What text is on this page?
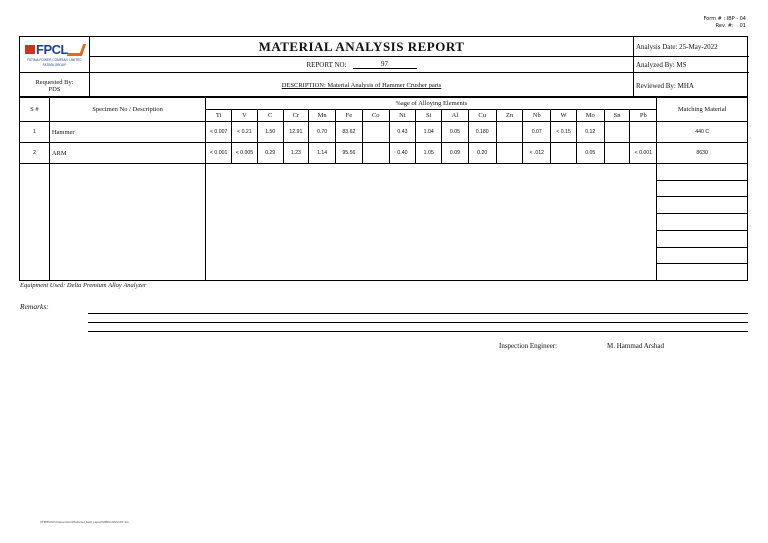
Form # : IBP - 04
Rev. #: 01
FPCL
FATIMA POWER COMPANY LIMITED
FATIMA GROUP
MATERIAL ANALYSIS REPORT	Analysis Date: 25-May-2022
REPORT NO:	97	Analyzed By: MS
Requested By:
PDS	DESCRIPTION: Material Analysis of Hammer Crusher parts	Reviewed By: MHA
S #	Specimen No / Description	%age of Alloying Elements																	Matching Material
		Ti	V	C	Cr	Mn	Fe	Co	Ni	Si	Al	Cu	Zn	Nb	W	Mo	Sn	Pb	
1	Hammer	< 0.007	< 0.21	1.50	12.91	0.70	83.62		0.43	1.04	0.05	0.180		0.07	< 0.15	0.12			440 C
2	ARM	< 0.001	< 0.005	0.29	1.23	1.14	95.56		0.40	1.05	0.09	0.20		< .012		0.05		< 0.001	8630

Equipment Used: Delta Premium Alloy Analyzer
Remarks:
Inspection Engineer:	M. Hammad Arshad
\\FPMS\Sh\Inspection\Material_test_report\MRS\2022\97.xls
